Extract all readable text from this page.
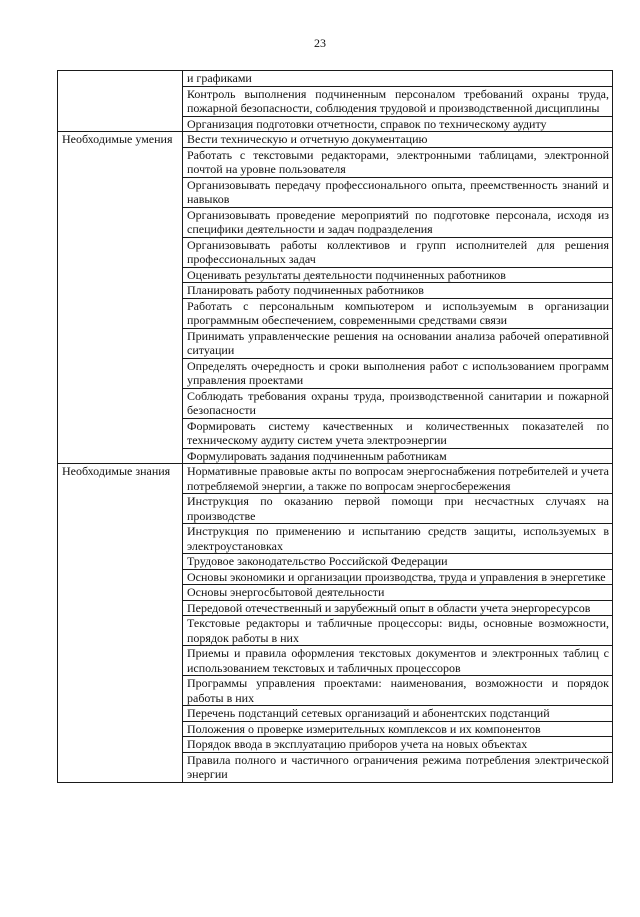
23
	и графиками
	Контроль выполнения подчиненным персоналом требований охраны труда, пожарной безопасности, соблюдения трудовой и производственной дисциплины
	Организация подготовки отчетности, справок по техническому аудиту
Необходимые умения	Вести техническую и отчетную документацию
	Работать с текстовыми редакторами, электронными таблицами, электронной почтой на уровне пользователя
	Организовывать передачу профессионального опыта, преемственность знаний и навыков
	Организовывать проведение мероприятий по подготовке персонала, исходя из специфики деятельности и задач подразделения
	Организовывать работы коллективов и групп исполнителей для решения профессиональных задач
	Оценивать результаты деятельности подчиненных работников
	Планировать работу подчиненных работников
	Работать с персональным компьютером и используемым в организации программным обеспечением, современными средствами связи
	Принимать управленческие решения на основании анализа рабочей оперативной ситуации
	Определять очередность и сроки выполнения работ с использованием программ управления проектами
	Соблюдать требования охраны труда, производственной санитарии и пожарной безопасности
	Формировать систему качественных и количественных показателей по техническому аудиту систем учета электроэнергии
	Формулировать задания подчиненным работникам
Необходимые знания	Нормативные правовые акты по вопросам энергоснабжения потребителей и учета потребляемой энергии, а также по вопросам энергосбережения
	Инструкция по оказанию первой помощи при несчастных случаях на производстве
	Инструкция по применению и испытанию средств защиты, используемых в электроустановках
	Трудовое законодательство Российской Федерации
	Основы экономики и организации производства, труда и управления в энергетике
	Основы энергосбытовой деятельности
	Передовой отечественный и зарубежный опыт в области учета энергоресурсов
	Текстовые редакторы и табличные процессоры: виды, основные возможности, порядок работы в них
	Приемы и правила оформления текстовых документов и электронных таблиц с использованием текстовых и табличных процессоров
	Программы управления проектами: наименования, возможности и порядок работы в них
	Перечень подстанций сетевых организаций и абонентских подстанций
	Положения о проверке измерительных комплексов и их компонентов
	Порядок ввода в эксплуатацию приборов учета на новых объектах
	Правила полного и частичного ограничения режима потребления электрической энергии
